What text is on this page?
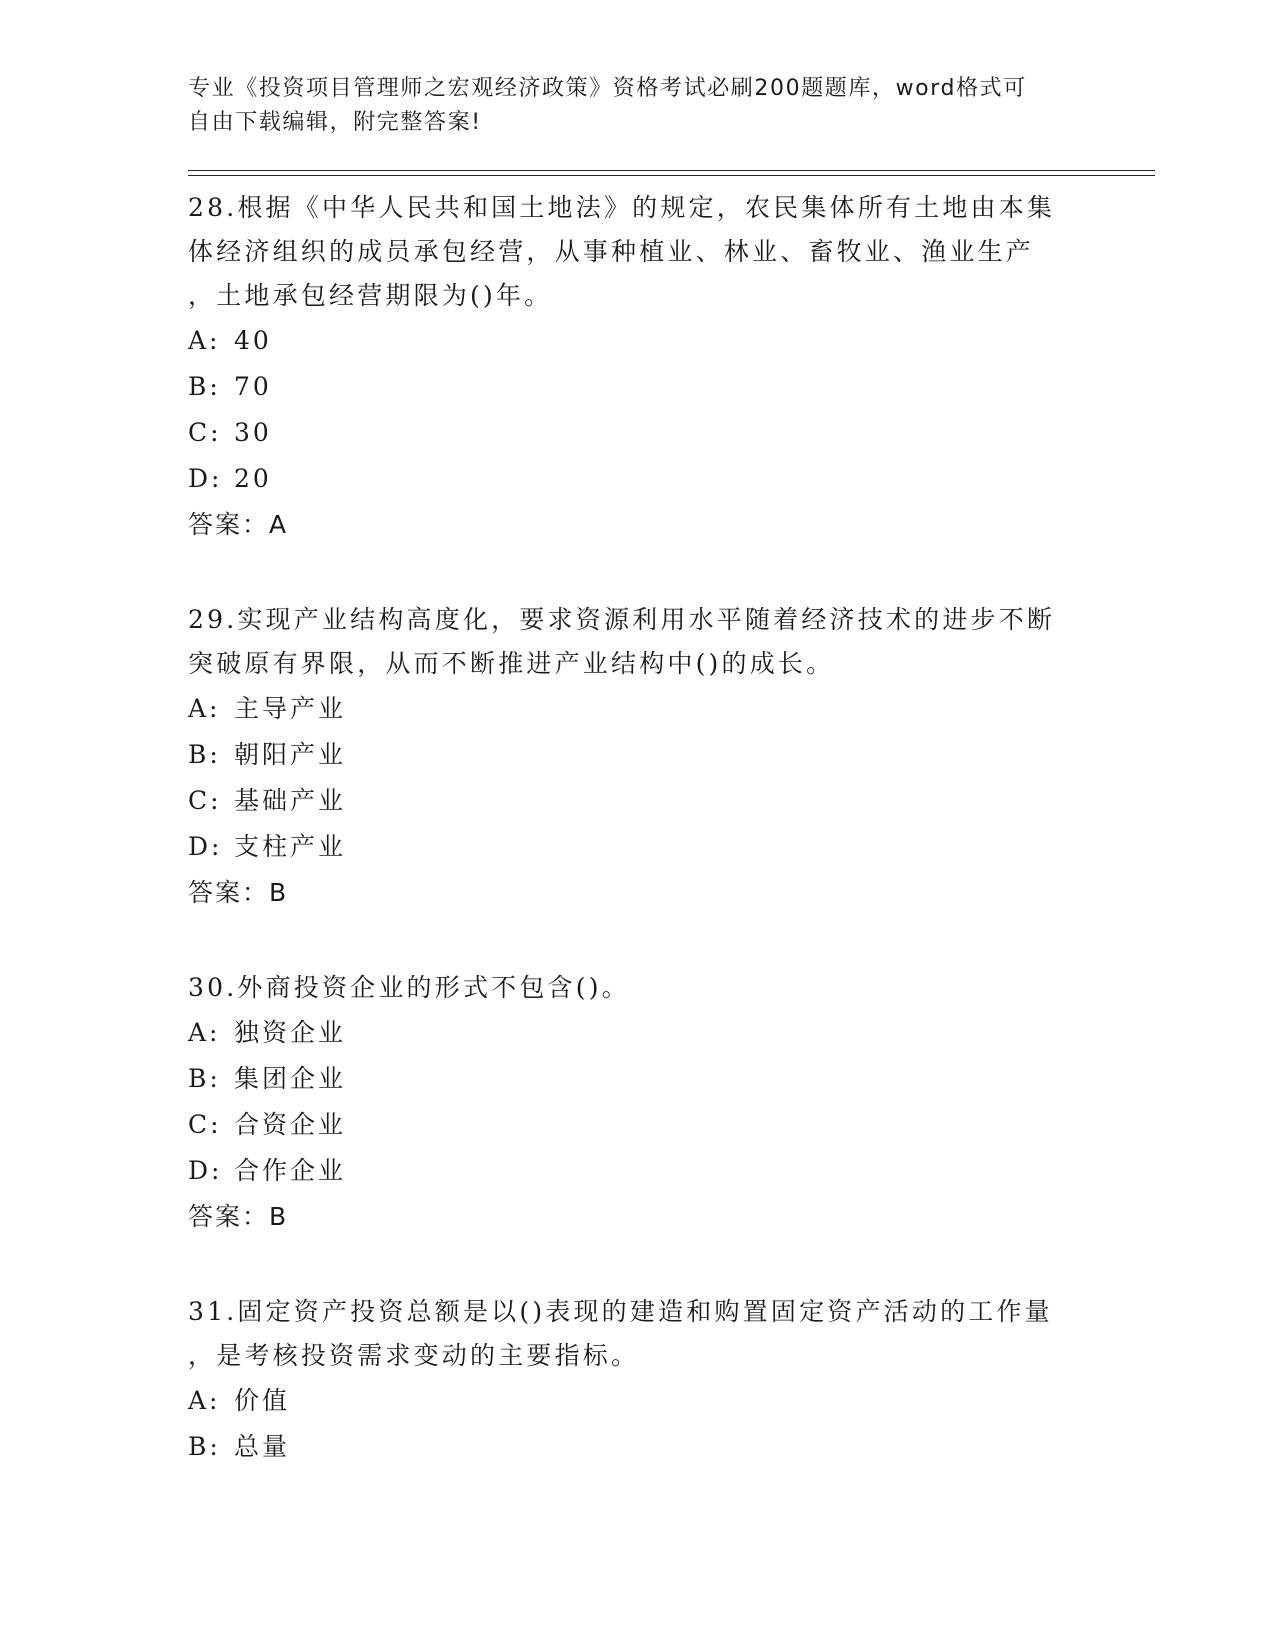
专业《投资项目管理师之宏观经济政策》资格考试必刷200题题库，word格式可
自由下载编辑，附完整答案!

28.根据《中华人民共和国土地法》的规定，农民集体所有土地由本集
体经济组织的成员承包经营，从事种植业、林业、畜牧业、渔业生产
，土地承包经营期限为()年。

A: 40

B: 70

C: 30

D: 20

答案：A

29.实现产业结构高度化，要求资源利用水平随着经济技术的进步不断
突破原有界限，从而不断推进产业结构中()的成长。

A: 主导产业

B: 朝阳产业

C: 基础产业

D: 支柱产业

答案：B

30.外商投资企业的形式不包含()。

A: 独资企业

B: 集团企业

C: 合资企业

D: 合作企业

答案：B

31.固定资产投资总额是以()表现的建造和购置固定资产活动的工作量
，是考核投资需求变动的主要指标。

A: 价值

B: 总量
